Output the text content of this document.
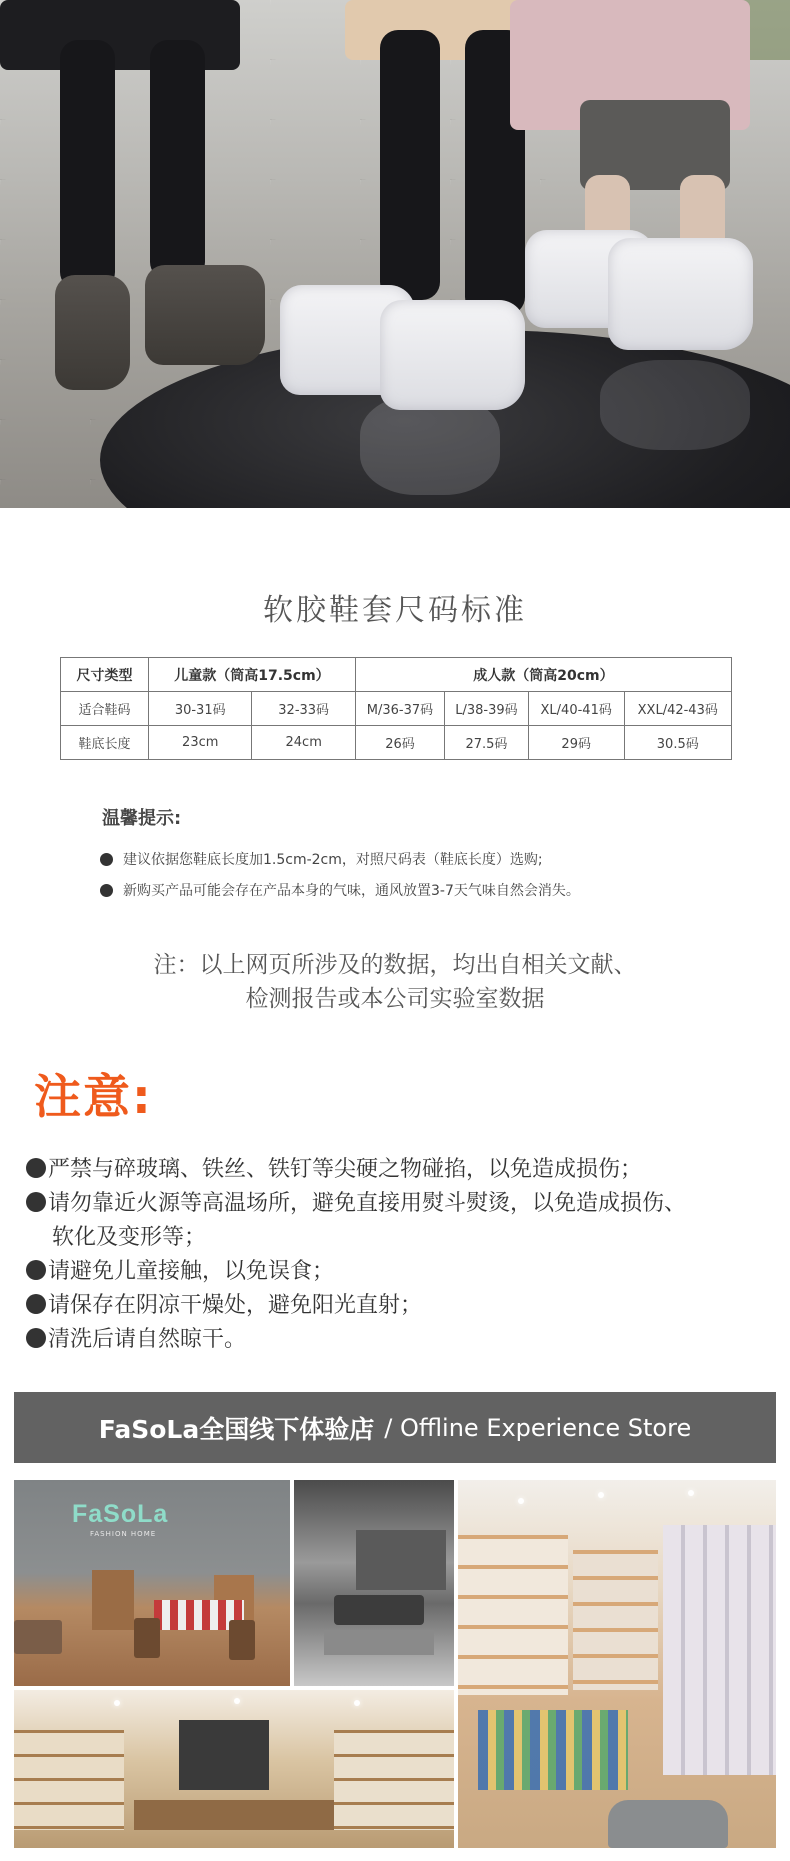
软胶鞋套尺码标准
尺寸类型	儿童款（筒高17.5cm）		成人款（筒高20cm）			
适合鞋码	30-31码	32-33码	M/36-37码	L/38-39码	XL/40-41码	XXL/42-43码
鞋底长度	23cm	24cm	26码	27.5码	29码	30.5码
温馨提示:
建议依据您鞋底长度加1.5cm-2cm，对照尺码表（鞋底长度）选购;
新购买产品可能会存在产品本身的气味，通风放置3-7天气味自然会消失。
注：以上网页所涉及的数据，均出自相关文献、
检测报告或本公司实验室数据
注意:
严禁与碎玻璃、铁丝、铁钉等尖硬之物碰掐，以免造成损伤；
请勿靠近火源等高温场所，避免直接用熨斗熨烫，以免造成损伤、
软化及变形等；
请避免儿童接触，以免误食；
请保存在阴凉干燥处，避免阳光直射；
清洗后请自然晾干。
FaSoLa全国线下体验店 / Offline Experience Store
FaSoLa
FASHION HOME
